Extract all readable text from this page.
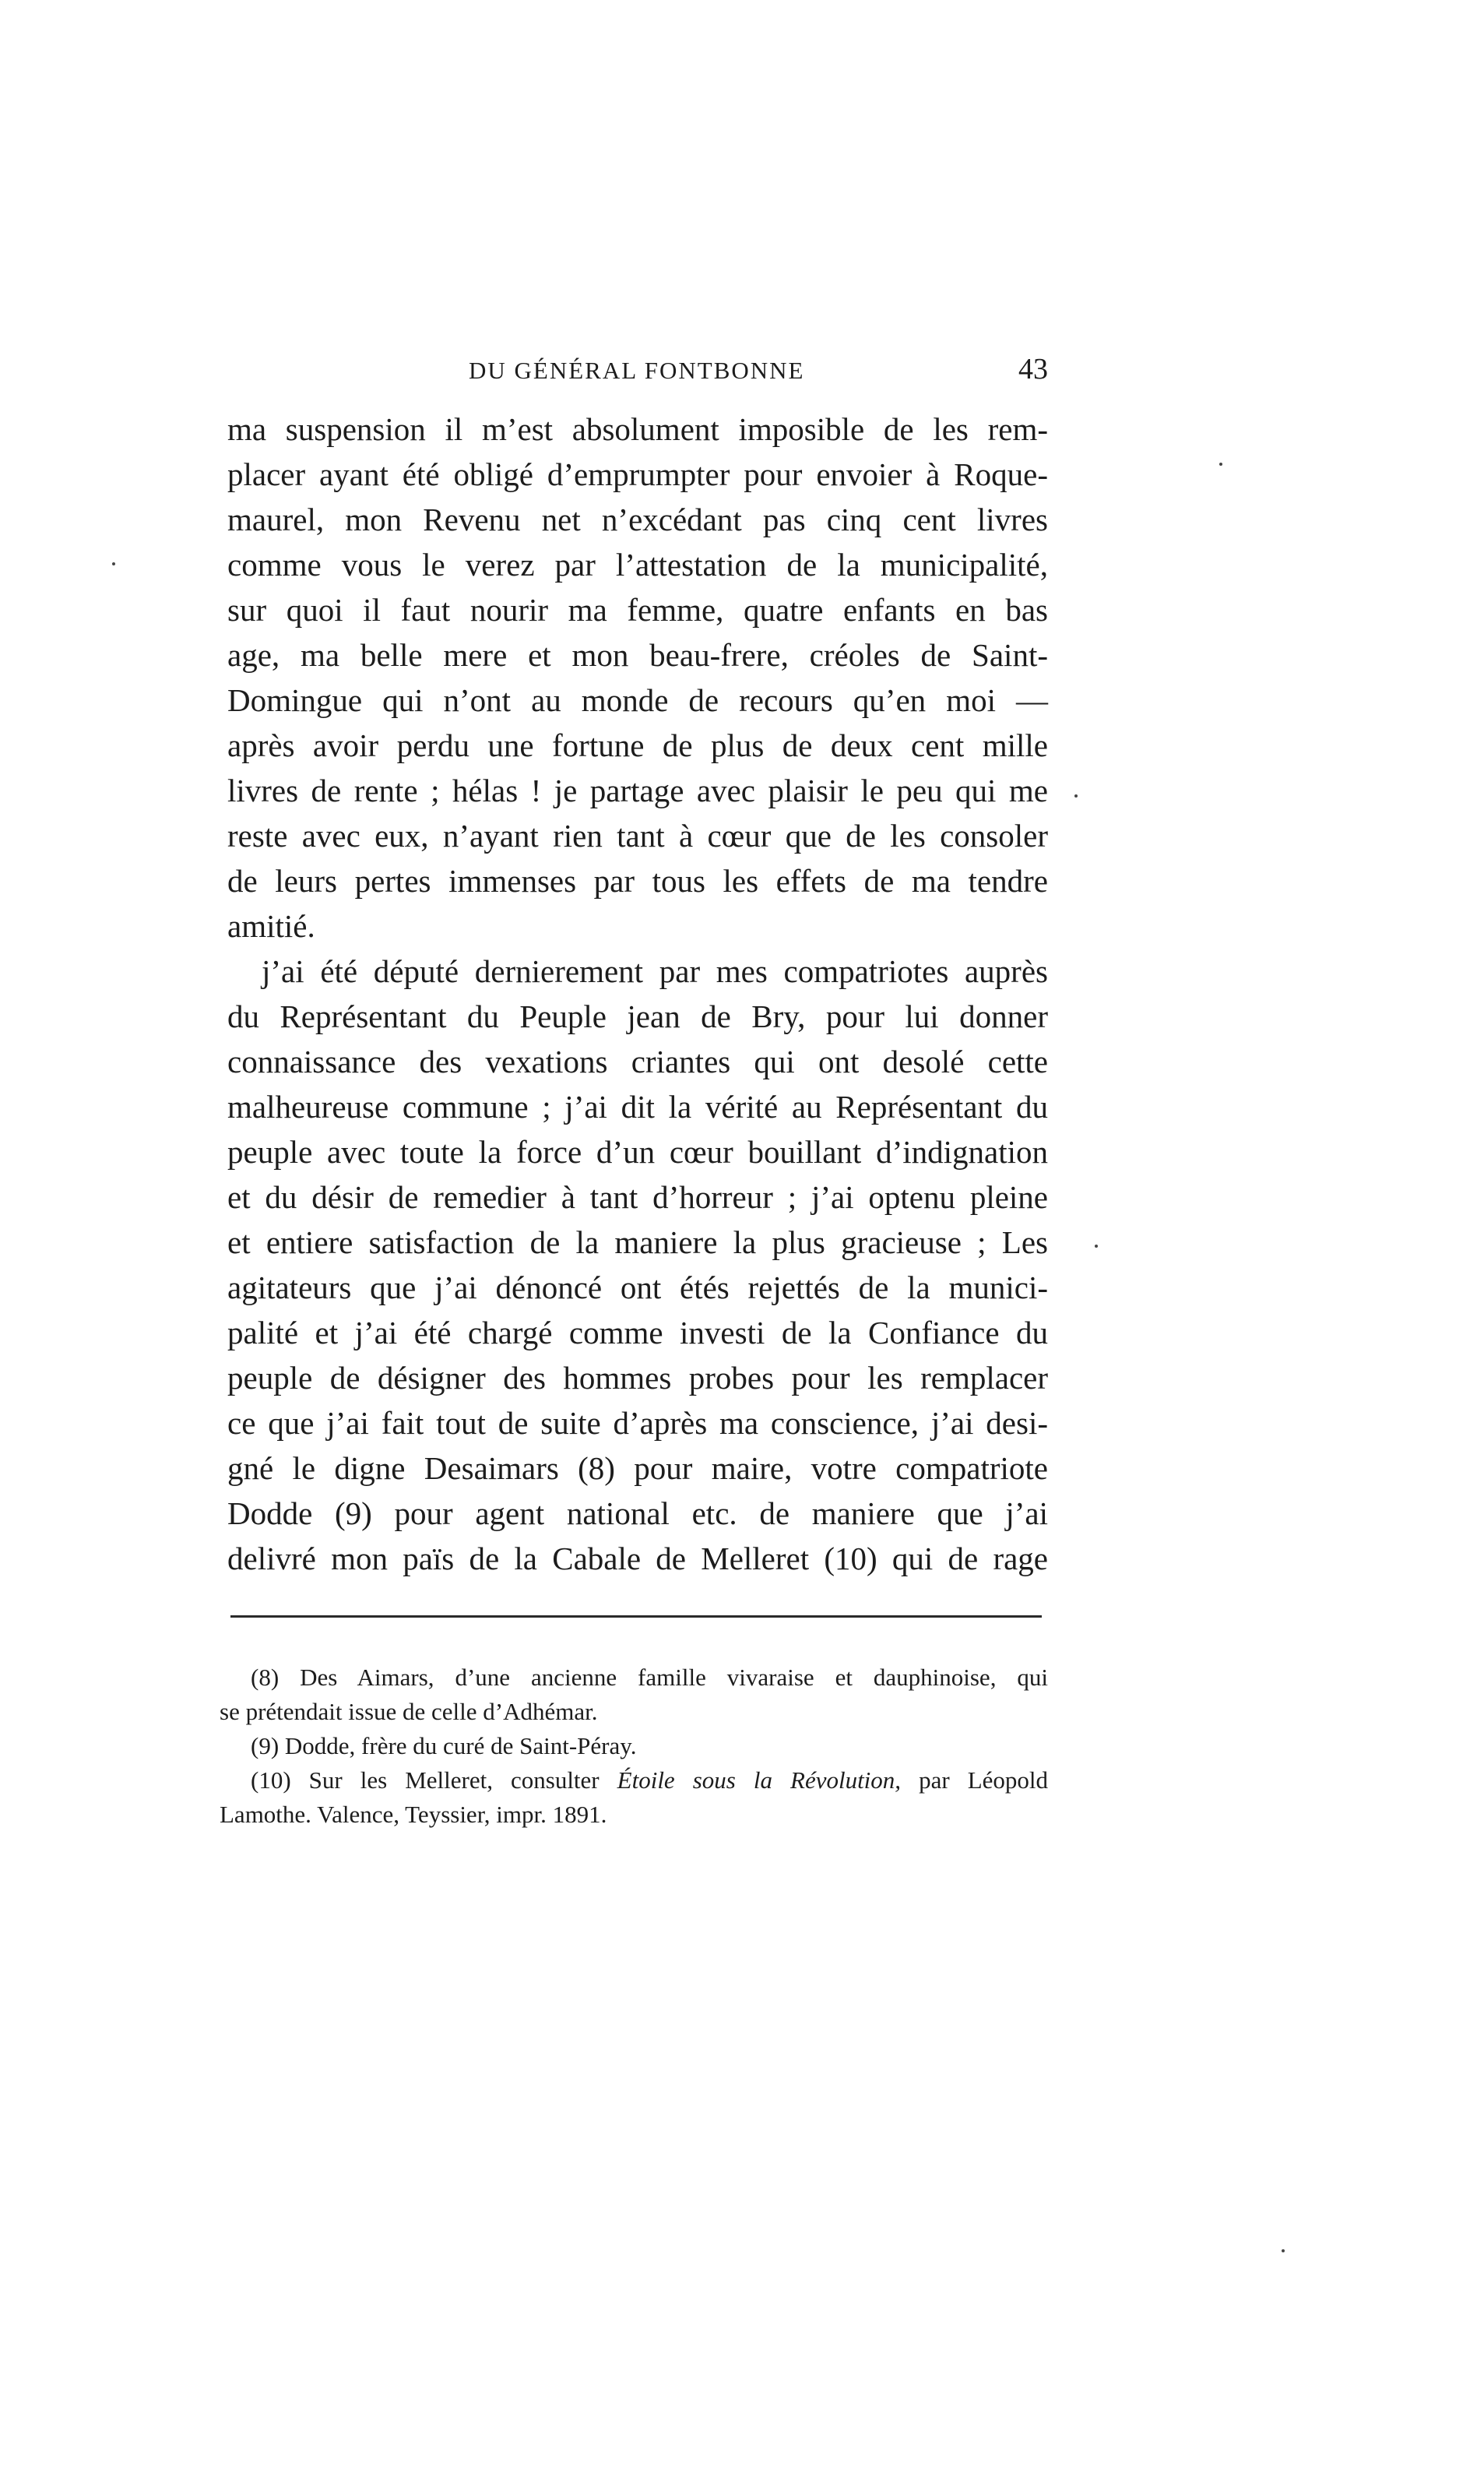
DU GÉNÉRAL FONTBONNE	43
ma suspension il m’est absolument imposible de les rem-
placer ayant été obligé d’emprumpter pour envoier à Roque-
maurel, mon Revenu net n’excédant pas cinq cent livres
comme vous le verez par l’attestation de la municipalité,
sur quoi il faut nourir ma femme, quatre enfants en bas
age, ma belle mere et mon beau-frere, créoles de Saint-
Domingue qui n’ont au monde de recours qu’en moi —
après avoir perdu une fortune de plus de deux cent mille
livres de rente ; hélas ! je partage avec plaisir le peu qui me
reste avec eux, n’ayant rien tant à cœur que de les consoler
de leurs pertes immenses par tous les effets de ma tendre
amitié.
j’ai été député dernierement par mes compatriotes auprès
du Représentant du Peuple jean de Bry, pour lui donner
connaissance des vexations criantes qui ont desolé cette
malheureuse commune ; j’ai dit la vérité au Représentant du
peuple avec toute la force d’un cœur bouillant d’indignation
et du désir de remedier à tant d’horreur ; j’ai optenu pleine
et entiere satisfaction de la maniere la plus gracieuse ; Les
agitateurs que j’ai dénoncé ont étés rejettés de la munici-
palité et j’ai été chargé comme investi de la Confiance du
peuple de désigner des hommes probes pour les remplacer
ce que j’ai fait tout de suite d’après ma conscience, j’ai desi-
gné le digne Desaimars (8) pour maire, votre compatriote
Dodde (9) pour agent national etc. de maniere que j’ai
delivré mon païs de la Cabale de Melleret (10) qui de rage
(8) Des Aimars, d’une ancienne famille vivaraise et dauphinoise, qui
se prétendait issue de celle d’Adhémar.
(9) Dodde, frère du curé de Saint-Péray.
(10) Sur les Melleret, consulter Étoile sous la Révolution, par Léopold
Lamothe. Valence, Teyssier, impr. 1891.
